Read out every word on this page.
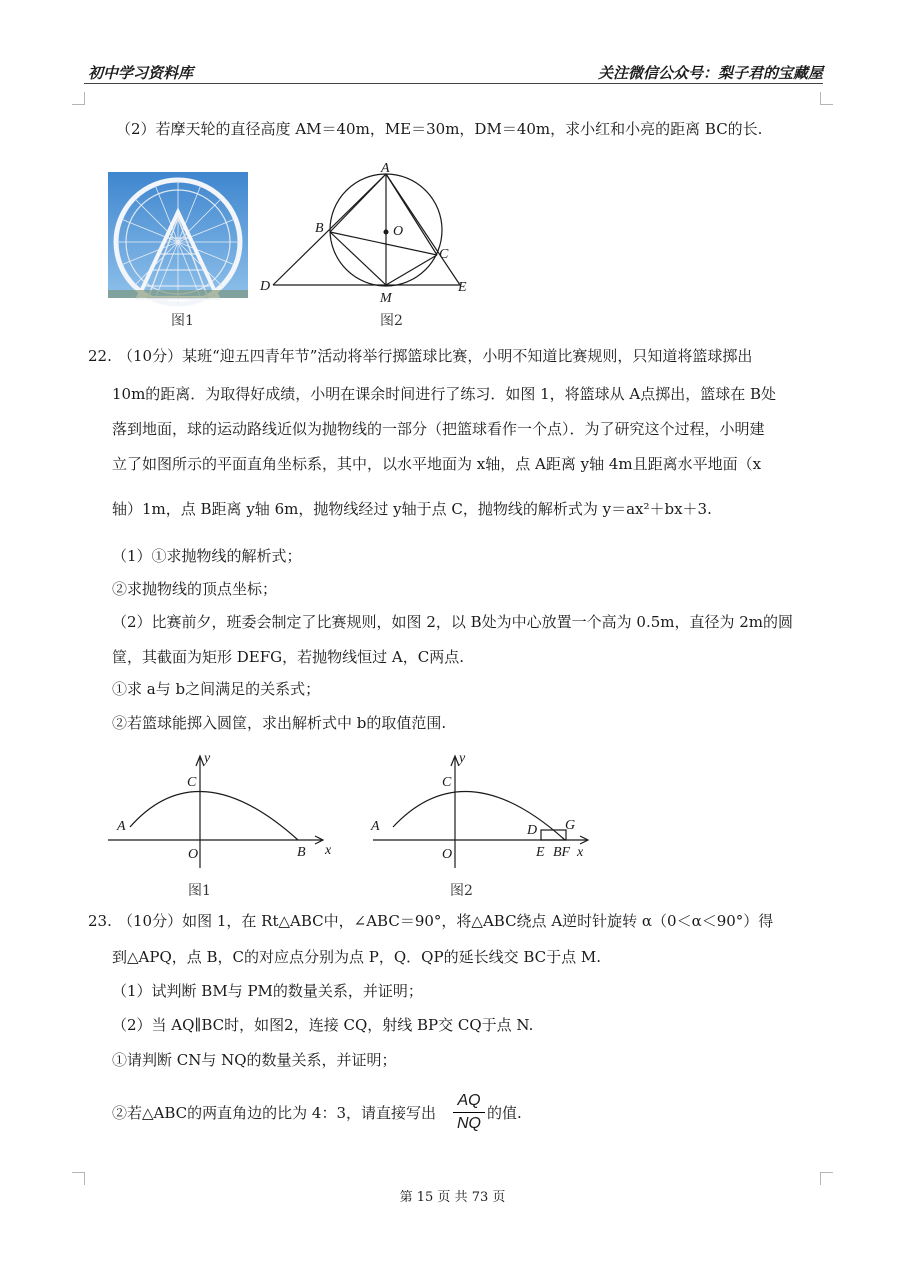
初中学习资料库	关注微信公众号：梨子君的宝藏屋
（2）若摩天轮的直径高度 AM＝40m，ME＝30m，DM＝40m，求小红和小亮的距离 BC的长.
图1
A
B	O
C
D
M
E
图2
22. （10分）某班“迎五四青年节”活动将举行掷篮球比赛，小明不知道比赛规则，只知道将篮球掷出
10m的距离．为取得好成绩，小明在课余时间进行了练习．如图 1，将篮球从 A点掷出，篮球在 B处
落到地面，球的运动路线近似为抛物线的一部分（把篮球看作一个点）．为了研究这个过程，小明建
立了如图所示的平面直角坐标系，其中，以水平地面为 x轴，点 A距离 y轴 4m且距离水平地面（x
轴）1m，点 B距离 y轴 6m，抛物线经过 y轴于点 C，抛物线的解析式为 y＝ax²＋bx＋3.
（1）①求抛物线的解析式；
②求抛物线的顶点坐标；
（2）比赛前夕，班委会制定了比赛规则，如图 2，以 B处为中心放置一个高为 0.5m，直径为 2m的圆
筐，其截面为矩形 DEFG，若抛物线恒过 A，C两点.
①求 a与 b之间满足的关系式；
②若篮球能掷入圆筐，求出解析式中 b的取值范围.
y
x
A
C
O	B
图1
y
x
A
C
O
D G
E BF
图2
23. （10分）如图 1，在 Rt△ABC中，∠ABC＝90°，将△ABC绕点 A逆时针旋转 α（0＜α＜90°）得
到△APQ，点 B，C的对应点分别为点 P，Q．QP的延长线交 BC于点 M.
（1）试判断 BM与 PM的数量关系，并证明；
（2）当 AQ∥BC时，如图2，连接 CQ，射线 BP交 CQ于点 N.
①请判断 CN与 NQ的数量关系，并证明；
②若△ABC的两直角边的比为 4：3，请直接写出
AQ
NQ
的值.
第 15 页 共 73 页
